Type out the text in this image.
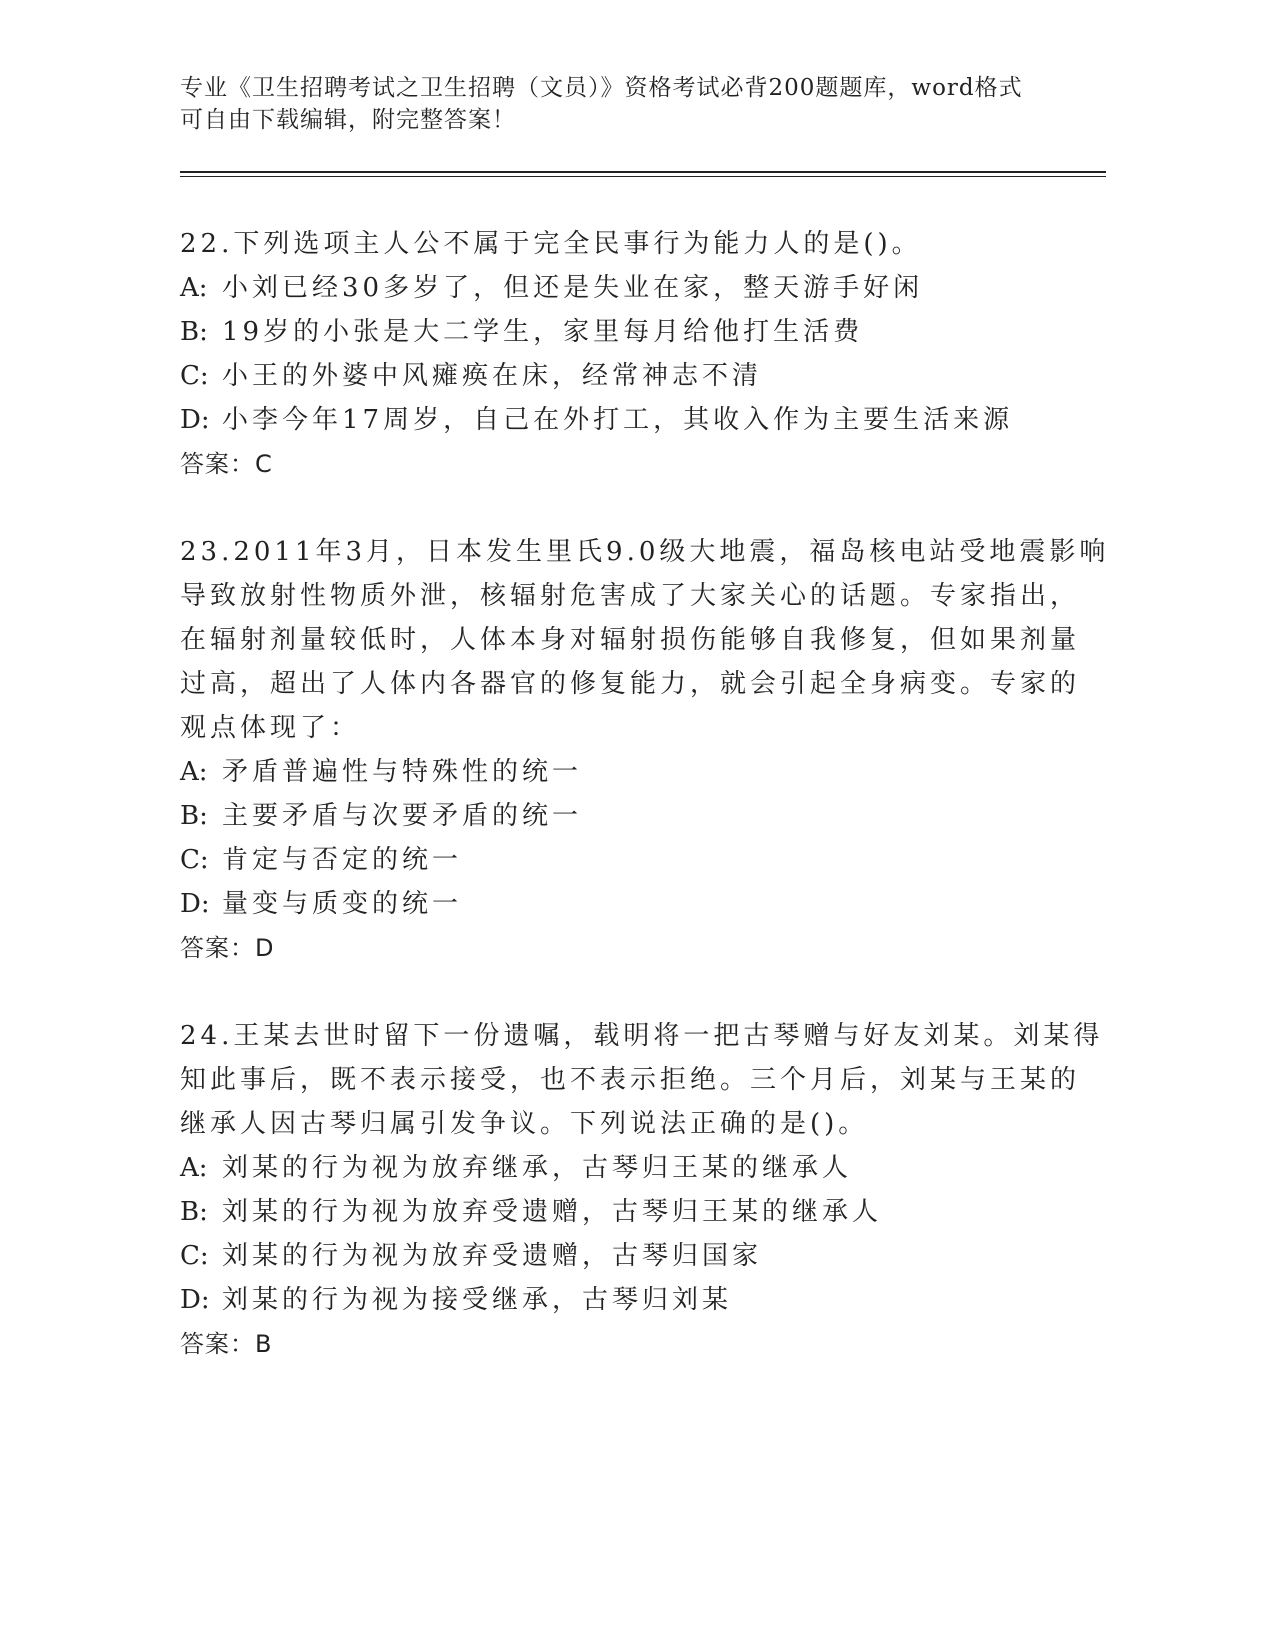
专业《卫生招聘考试之卫生招聘（文员）》资格考试必背200题题库，word格式
可自由下载编辑，附完整答案！
22.下列选项主人公不属于完全民事行为能力人的是()。
A: 小刘已经30多岁了，但还是失业在家，整天游手好闲
B: 19岁的小张是大二学生，家里每月给他打生活费
C: 小王的外婆中风瘫痪在床，经常神志不清
D: 小李今年17周岁，自己在外打工，其收入作为主要生活来源
答案：C
23.2011年3月，日本发生里氏9.0级大地震，福岛核电站受地震影响
导致放射性物质外泄，核辐射危害成了大家关心的话题。专家指出，
在辐射剂量较低时，人体本身对辐射损伤能够自我修复，但如果剂量
过高，超出了人体内各器官的修复能力，就会引起全身病变。专家的
观点体现了：
A: 矛盾普遍性与特殊性的统一
B: 主要矛盾与次要矛盾的统一
C: 肯定与否定的统一
D: 量变与质变的统一
答案：D
24.王某去世时留下一份遗嘱，载明将一把古琴赠与好友刘某。刘某得
知此事后，既不表示接受，也不表示拒绝。三个月后，刘某与王某的
继承人因古琴归属引发争议。下列说法正确的是()。
A: 刘某的行为视为放弃继承，古琴归王某的继承人
B: 刘某的行为视为放弃受遗赠，古琴归王某的继承人
C: 刘某的行为视为放弃受遗赠，古琴归国家
D: 刘某的行为视为接受继承，古琴归刘某
答案：B
